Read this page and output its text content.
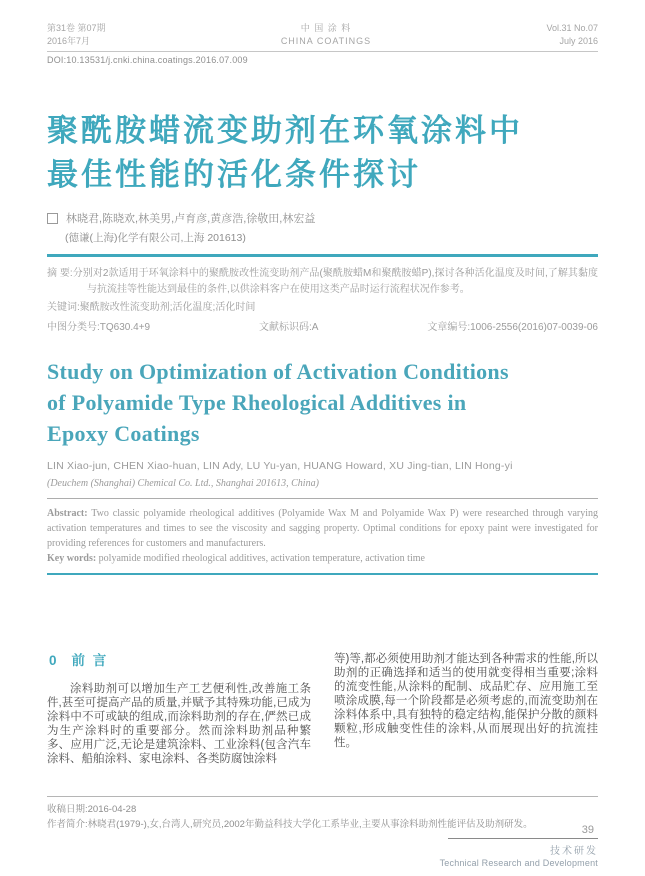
第31卷 第07期
2016年7月
中 国 涂 料
CHINA COATINGS
Vol.31 No.07
July 2016
DOI:10.13531/j.cnki.china.coatings.2016.07.009
聚酰胺蜡流变助剂在环氧涂料中
最佳性能的活化条件探讨
林晓君,陈晓欢,林美男,卢育彦,黄彦浩,徐敬田,林宏益
(德谦(上海)化学有限公司,上海 201613)
摘 要:分别对2款适用于环氧涂料中的聚酰胺改性流变助剂产品(聚酰胺蜡M和聚酰胺蜡P),探讨各种活化温度及时间,了解其黏度与抗流挂等性能达到最佳的条件,以供涂料客户在使用这类产品时运行流程状况作参考。
关键词:聚酰胺改性流变助剂;活化温度;活化时间
中图分类号:TQ630.4+9	文献标识码:A	文章编号:1006-2556(2016)07-0039-06
Study on Optimization of Activation Conditions
of Polyamide Type Rheological Additives in
Epoxy Coatings
LIN Xiao-jun, CHEN Xiao-huan, LIN Ady, LU Yu-yan, HUANG Howard, XU Jing-tian, LIN Hong-yi
(Deuchem (Shanghai) Chemical Co. Ltd., Shanghai 201613, China)
Abstract: Two classic polyamide rheological additives (Polyamide Wax M and Polyamide Wax P) were researched through varying activation temperatures and times to see the viscosity and sagging property. Optimal conditions for epoxy paint were investigated for providing references for customers and manufacturers.
Key words: polyamide modified rheological additives, activation temperature, activation time
0 前 言
涂料助剂可以增加生产工艺便利性,改善施工条件,甚至可提高产品的质量,并赋予其特殊功能,已成为涂料中不可或缺的组成,而涂料助剂的存在,俨然已成为生产涂料时的重要部分。然而涂料助剂品种繁多、应用广泛,无论是建筑涂料、工业涂料(包含汽车涂料、船舶涂料、家电涂料、各类防腐蚀涂料
等)等,都必须使用助剂才能达到各种需求的性能,所以助剂的正确选择和适当的使用就变得相当重要;涂料的流变性能,从涂料的配制、成品贮存、应用施工至喷涂成膜,每一个阶段都是必须考虑的,而流变助剂在涂料体系中,具有独特的稳定结构,能保护分散的颜料颗粒,形成触变性佳的涂料,从而展现出好的抗流挂性。
收稿日期:2016-04-28
作者简介:林晓君(1979-),女,台湾人,研究员,2002年勤益科技大学化工系毕业,主要从事涂料助剂性能评估及助剂研发。	39
技术研发
Technical Research and Development
